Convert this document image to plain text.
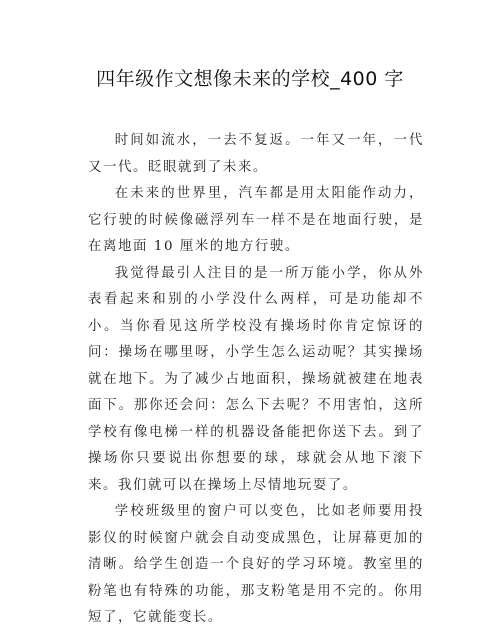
四年级作文想像未来的学校_400 字

时间如流水，一去不复返。一年又一年，一代又一代。眨眼就到了未来。

在未来的世界里，汽车都是用太阳能作动力，它行驶的时候像磁浮列车一样不是在地面行驶，是在离地面 10 厘米的地方行驶。

我觉得最引人注目的是一所万能小学，你从外表看起来和别的小学没什么两样，可是功能却不小。当你看见这所学校没有操场时你肯定惊讶的问：操场在哪里呀，小学生怎么运动呢？其实操场就在地下。为了减少占地面积，操场就被建在地表面下。那你还会问：怎么下去呢？不用害怕，这所学校有像电梯一样的机器设备能把你送下去。到了操场你只要说出你想要的球，球就会从地下滚下来。我们就可以在操场上尽情地玩耍了。

学校班级里的窗户可以变色，比如老师要用投影仪的时候窗户就会自动变成黑色，让屏幕更加的清晰。给学生创造一个良好的学习环境。教室里的粉笔也有特殊的功能，那支粉笔是用不完的。你用短了，它就能变长。
